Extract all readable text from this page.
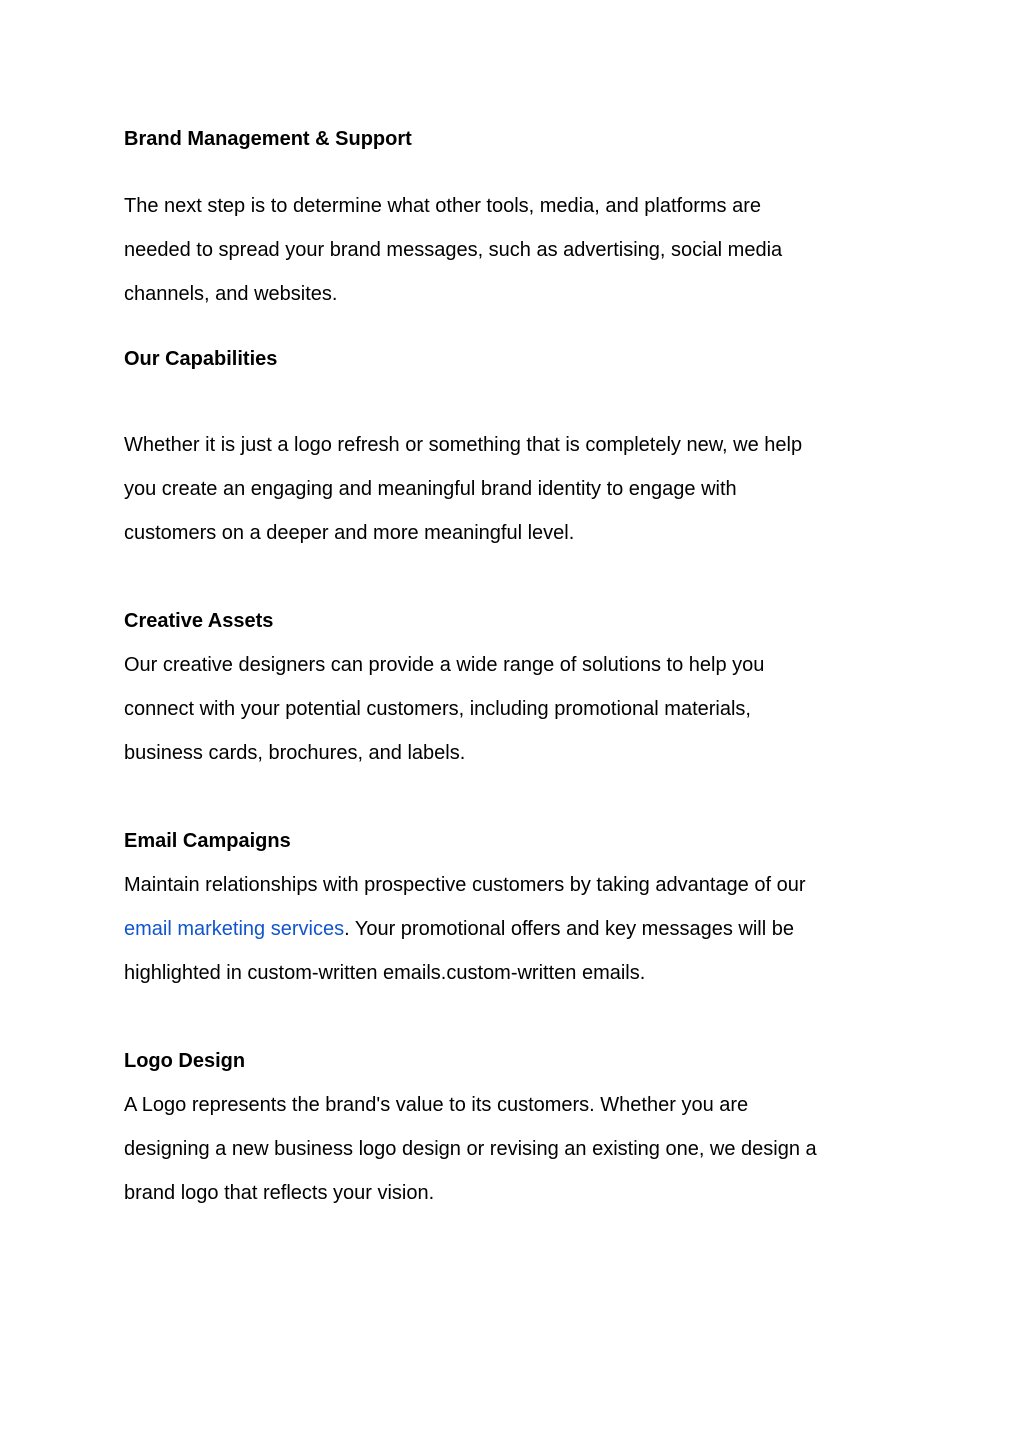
Brand Management & Support

The next step is to determine what other tools, media, and platforms are
needed to spread your brand messages, such as advertising, social media
channels, and websites.

Our Capabilities

Whether it is just a logo refresh or something that is completely new, we help
you create an engaging and meaningful brand identity to engage with
customers on a deeper and more meaningful level.

Creative Assets

Our creative designers can provide a wide range of solutions to help you
connect with your potential customers, including promotional materials,
business cards, brochures, and labels.

Email Campaigns

Maintain relationships with prospective customers by taking advantage of our
email marketing services. Your promotional offers and key messages will be
highlighted in custom-written emails.custom-written emails.

Logo Design

A Logo represents the brand's value to its customers. Whether you are
designing a new business logo design or revising an existing one, we design a
brand logo that reflects your vision.
